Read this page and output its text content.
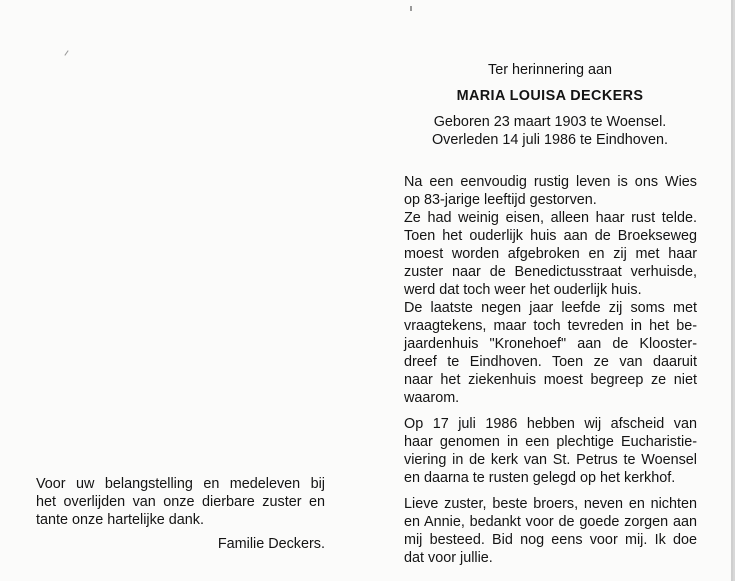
Ter herinnering aan
MARIA LOUISA DECKERS
Geboren 23 maart 1903 te Woensel.
Overleden 14 juli 1986 te Eindhoven.
Na een eenvoudig rustig leven is ons Wies
op 83-jarige leeftijd gestorven.
Ze had weinig eisen, alleen haar rust telde.
Toen het ouderlijk huis aan de Broekseweg
moest worden afgebroken en zij met haar
zuster naar de Benedictusstraat verhuisde,
werd dat toch weer het ouderlijk huis.
De laatste negen jaar leefde zij soms met
vraagtekens, maar toch tevreden in het be-
jaardenhuis "Kronehoef" aan de Klooster-
dreef te Eindhoven. Toen ze van daaruit
naar het ziekenhuis moest begreep ze niet
waarom.
Op 17 juli 1986 hebben wij afscheid van
haar genomen in een plechtige Eucharistie-
viering in de kerk van St. Petrus te Woensel
en daarna te rusten gelegd op het kerkhof.
Lieve zuster, beste broers, neven en nichten
en Annie, bedankt voor de goede zorgen aan
mij besteed. Bid nog eens voor mij. Ik doe
dat voor jullie.
Voor uw belangstelling en medeleven bij
het overlijden van onze dierbare zuster en
tante onze hartelijke dank.
Familie Deckers.
